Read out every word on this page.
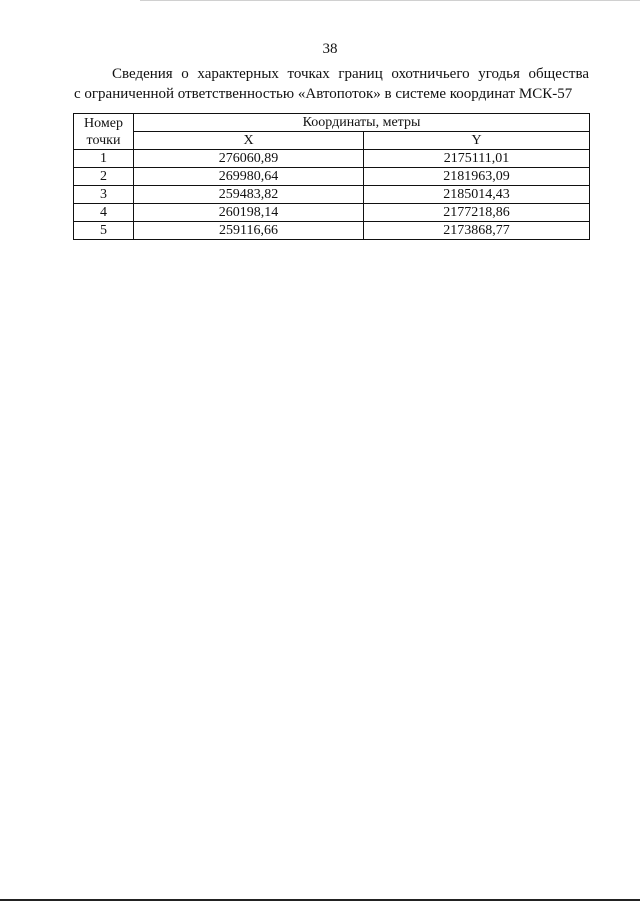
38
Сведения о характерных точках границ охотничьего угодья общества
с ограниченной ответственностью «Автопоток» в системе координат МСК-57
Номер
точки	Координаты, метры	
	X	Y
1	276060,89	2175111,01
2	269980,64	2181963,09
3	259483,82	2185014,43
4	260198,14	2177218,86
5	259116,66	2173868,77
